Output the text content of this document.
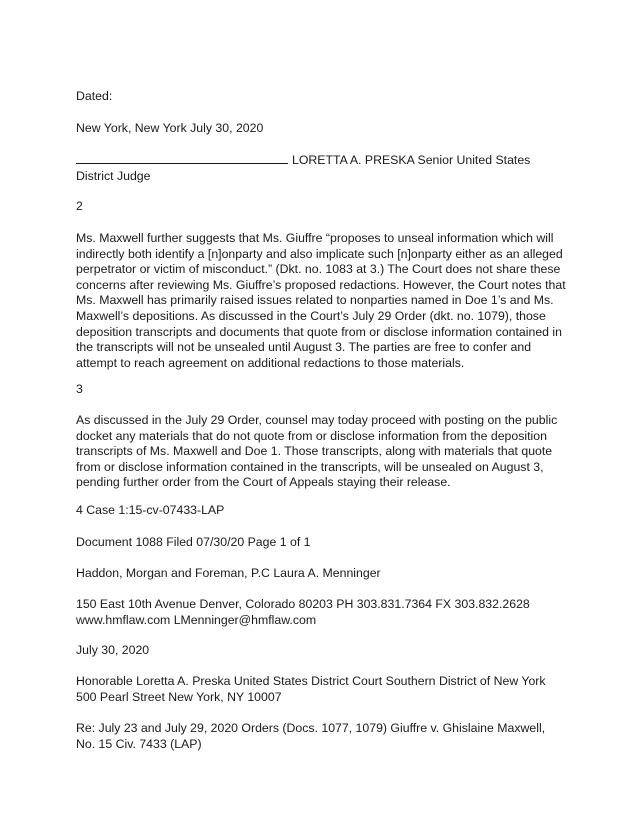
Dated:

New York, New York July 30, 2020

LORETTA A. PRESKA Senior United States District Judge

2

Ms. Maxwell further suggests that Ms. Giuffre “proposes to unseal information which will indirectly both identify a [n]onparty and also implicate such [n]onparty either as an alleged perpetrator or victim of misconduct.” (Dkt. no. 1083 at 3.) The Court does not share these concerns after reviewing Ms. Giuffre’s proposed redactions. However, the Court notes that Ms. Maxwell has primarily raised issues related to nonparties named in Doe 1’s and Ms. Maxwell’s depositions. As discussed in the Court’s July 29 Order (dkt. no. 1079), those deposition transcripts and documents that quote from or disclose information contained in the transcripts will not be unsealed until August 3. The parties are free to confer and attempt to reach agreement on additional redactions to those materials.

3

As discussed in the July 29 Order, counsel may today proceed with posting on the public docket any materials that do not quote from or disclose information from the deposition transcripts of Ms. Maxwell and Doe 1. Those transcripts, along with materials that quote from or disclose information contained in the transcripts, will be unsealed on August 3, pending further order from the Court of Appeals staying their release.

4 Case 1:15-cv-07433-LAP

Document 1088 Filed 07/30/20 Page 1 of 1

Haddon, Morgan and Foreman, P.C Laura A. Menninger

150 East 10th Avenue Denver, Colorado 80203 PH 303.831.7364 FX 303.832.2628 www.hmflaw.com LMenninger@hmflaw.com

July 30, 2020

Honorable Loretta A. Preska United States District Court Southern District of New York 500 Pearl Street New York, NY 10007

Re: July 23 and July 29, 2020 Orders (Docs. 1077, 1079) Giuffre v. Ghislaine Maxwell, No. 15 Civ. 7433 (LAP)
